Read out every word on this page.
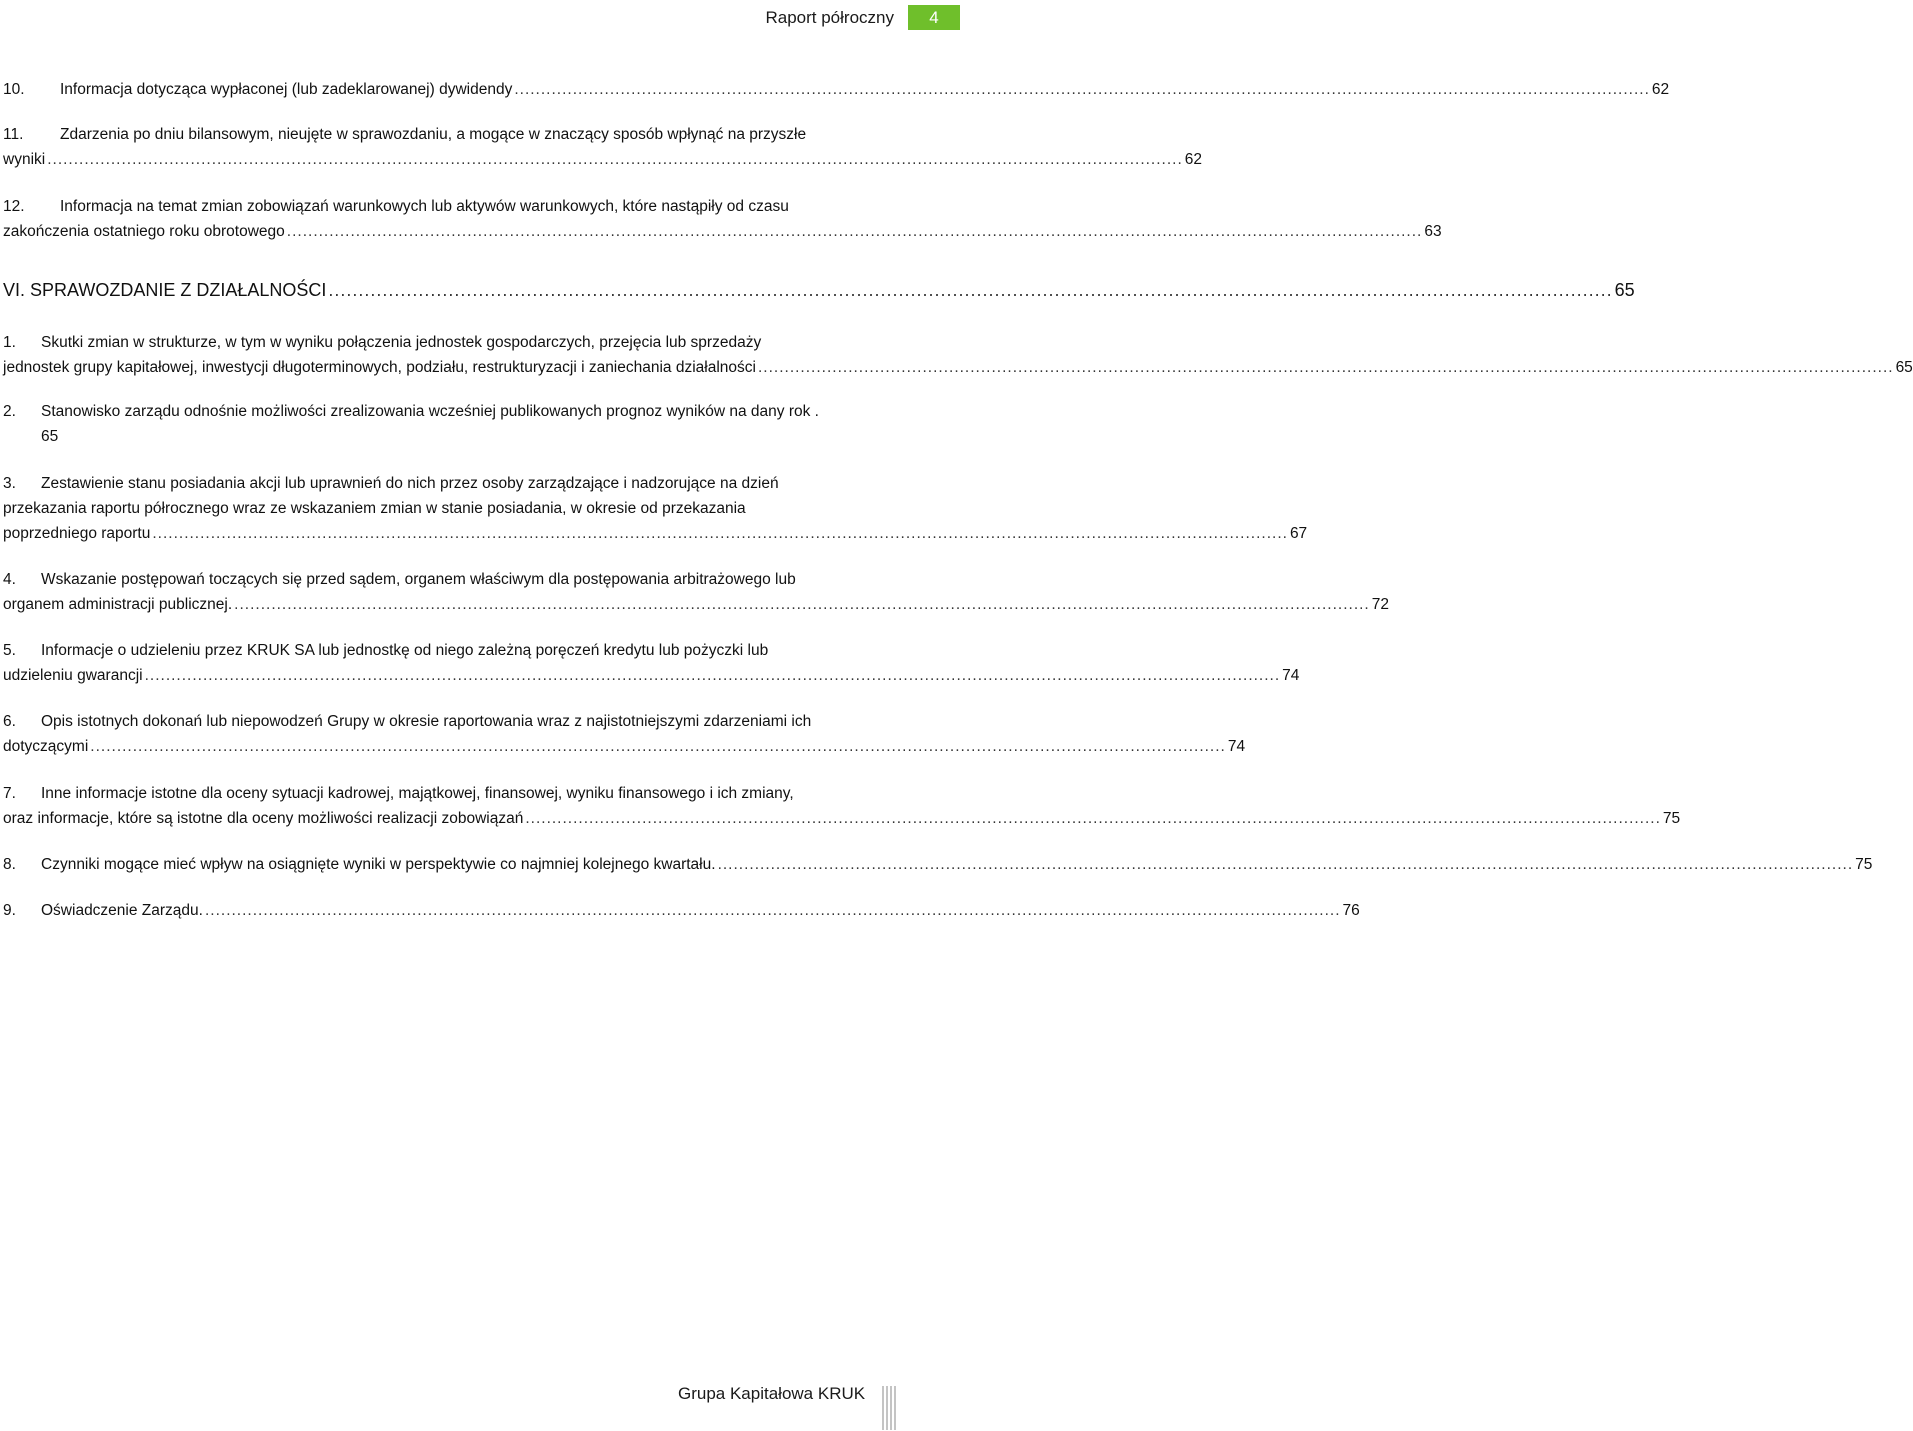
Raport półroczny	4
10. Informacja dotycząca wypłaconej (lub zadeklarowanej) dywidendy ...................................................................................................................................................................................................................... 62
11. Zdarzenia po dniu bilansowym, nieujęte w sprawozdaniu, a mogące w znaczący sposób wpłynąć na przyszłe
wyniki ...................................................................................................................................................................................................................... 62
12. Informacja na temat zmian zobowiązań warunkowych lub aktywów warunkowych, które nastąpiły od czasu
zakończenia ostatniego roku obrotowego ...................................................................................................................................................................................................................... 63
VI. SPRAWOZDANIE Z DZIAŁALNOŚCI ...................................................................................................................................................................................................................... 65
1. Skutki zmian w strukturze, w tym w wyniku połączenia jednostek gospodarczych, przejęcia lub sprzedaży
jednostek grupy kapitałowej, inwestycji długoterminowych, podziału, restrukturyzacji i zaniechania działalności ...................................................................................................................................................................................................................... 65
2. Stanowisko zarządu odnośnie możliwości zrealizowania wcześniej publikowanych prognoz wyników na dany rok .
65
3. Zestawienie stanu posiadania akcji lub uprawnień do nich przez osoby zarządzające i nadzorujące na dzień
przekazania raportu półrocznego wraz ze wskazaniem zmian w stanie posiadania, w okresie od przekazania
poprzedniego raportu ...................................................................................................................................................................................................................... 67
4. Wskazanie postępowań toczących się przed sądem, organem właściwym dla postępowania arbitrażowego lub
organem administracji publicznej. ...................................................................................................................................................................................................................... 72
5. Informacje o udzieleniu przez KRUK SA lub jednostkę od niego zależną poręczeń kredytu lub pożyczki lub
udzieleniu gwarancji ...................................................................................................................................................................................................................... 74
6. Opis istotnych dokonań lub niepowodzeń Grupy w okresie raportowania wraz z najistotniejszymi zdarzeniami ich
dotyczącymi ...................................................................................................................................................................................................................... 74
7. Inne informacje istotne dla oceny sytuacji kadrowej, majątkowej, finansowej, wyniku finansowego i ich zmiany,
oraz informacje, które są istotne dla oceny możliwości realizacji zobowiązań ...................................................................................................................................................................................................................... 75
8. Czynniki mogące mieć wpływ na osiągnięte wyniki w perspektywie co najmniej kolejnego kwartału. ...................................................................................................................................................................................................................... 75
9. Oświadczenie Zarządu. ...................................................................................................................................................................................................................... 76
Grupa Kapitałowa KRUK
